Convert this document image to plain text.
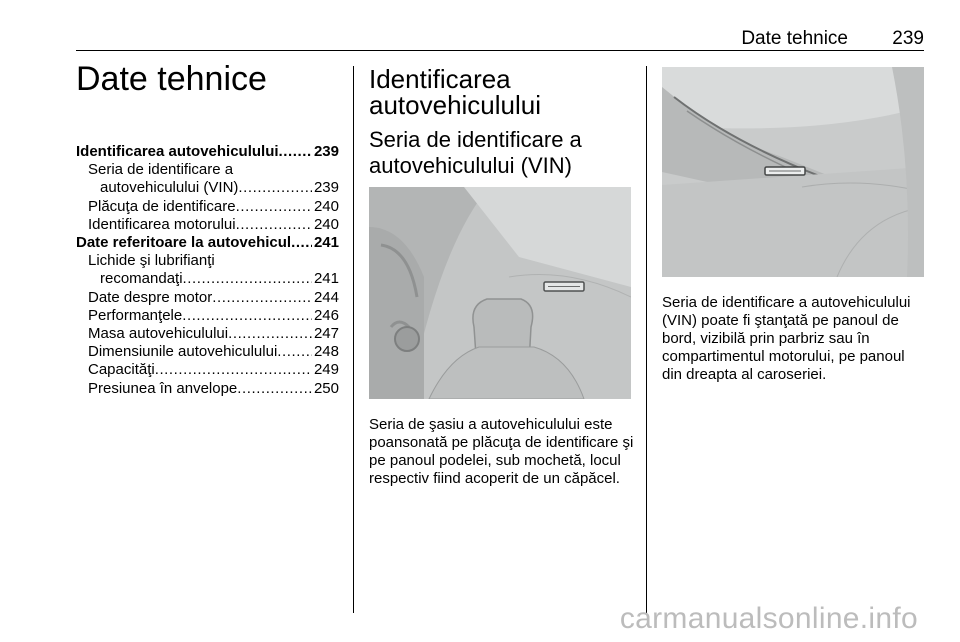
Date tehnice 239
Date tehnice
Identificarea autovehiculului . . . 239
Seria de identificare a
autovehiculului (VIN) . . .	239
Plăcuţa de identificare . . .	240
Identificarea motorului . . .	240
Date referitoare la autovehicul . . . 241
Lichide şi lubrifianţi
recomandaţi . . .	241
Date despre motor . . .	244
Performanţele . . .	246
Masa autovehiculului . . .	247
Dimensiunile autovehiculului . . . 248
Capacităţi . . .	249
Presiunea în anvelope . . .	250
Identificarea autovehiculului
Seria de identificare a autovehiculului (VIN)

Seria de şasiu a autovehiculului este poansonată pe plăcuţa de identificare şi pe panoul podelei, sub mochetă, locul respectiv fiind acoperit de un căpăcel.

Seria de identificare a autovehiculului (VIN) poate fi ştanţată pe panoul de bord, vizibilă prin parbriz sau în compartimentul motorului, pe panoul din dreapta al caroseriei.

carmanualsonline.info
